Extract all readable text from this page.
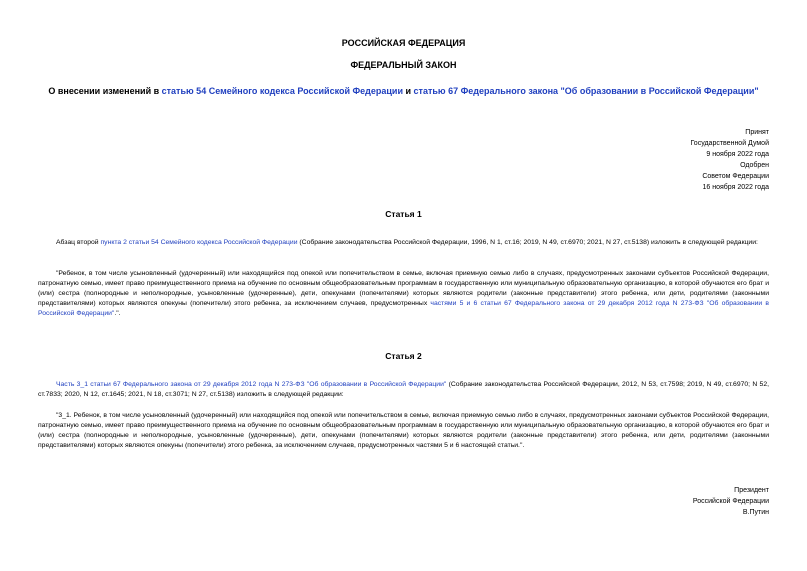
РОССИЙСКАЯ ФЕДЕРАЦИЯ
ФЕДЕРАЛЬНЫЙ ЗАКОН
О внесении изменений в статью 54 Семейного кодекса Российской Федерации и статью 67 Федерального закона "Об образовании в Российской Федерации"
Принят
Государственной Думой
9 ноября 2022 года
Одобрен
Советом Федерации
16 ноября 2022 года
Статья 1
Абзац второй пункта 2 статьи 54 Семейного кодекса Российской Федерации (Собрание законодательства Российской Федерации, 1996, N 1, ст.16; 2019, N 49, ст.6970; 2021, N 27, ст.5138) изложить в следующей редакции:
"Ребенок, в том числе усыновленный (удочеренный) или находящийся под опекой или попечительством в семье, включая приемную семью либо в случаях, предусмотренных законами субъектов Российской Федерации, патронатную семью, имеет право преимущественного приема на обучение по основным общеобразовательным программам в государственную или муниципальную образовательную организацию, в которой обучаются его брат и (или) сестра (полнородные и неполнородные, усыновленные (удочеренные), дети, опекунами (попечителями) которых являются родители (законные представители) этого ребенка, или дети, родителями (законными представителями) которых являются опекуны (попечители) этого ребенка, за исключением случаев, предусмотренных частями 5 и 6 статьи 67 Федерального закона от 29 декабря 2012 года N 273-ФЗ "Об образовании в Российской Федерации".".
Статья 2
Часть 3_1 статьи 67 Федерального закона от 29 декабря 2012 года N 273-ФЗ "Об образовании в Российской Федерации" (Собрание законодательства Российской Федерации, 2012, N 53, ст.7598; 2019, N 49, ст.6970; N 52, ст.7833; 2020, N 12, ст.1645; 2021, N 18, ст.3071; N 27, ст.5138) изложить в следующей редакции:
"3_1. Ребенок, в том числе усыновленный (удочеренный) или находящийся под опекой или попечительством в семье, включая приемную семью либо в случаях, предусмотренных законами субъектов Российской Федерации, патронатную семью, имеет право преимущественного приема на обучение по основным общеобразовательным программам в государственную или муниципальную образовательную организацию, в которой обучаются его брат и (или) сестра (полнородные и неполнородные, усыновленные (удочеренные), дети, опекунами (попечителями) которых являются родители (законные представители) этого ребенка, или дети, родителями (законными представителями) которых являются опекуны (попечители) этого ребенка, за исключением случаев, предусмотренных частями 5 и 6 настоящей статьи.".
Президент
Российской Федерации
В.Путин
